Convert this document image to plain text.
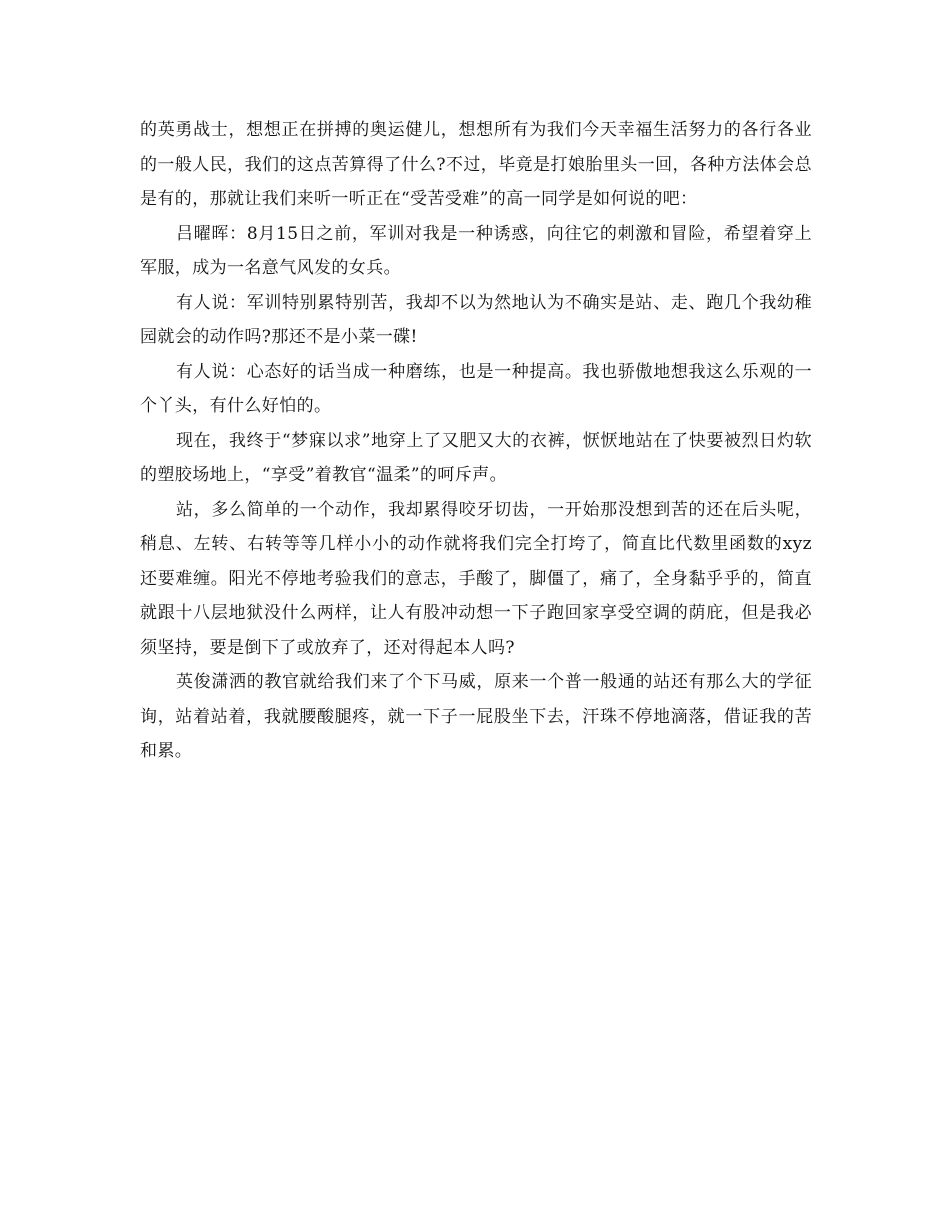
的英勇战士，想想正在拼搏的奥运健儿，想想所有为我们今天幸福生活努力的各行各业的一般人民，我们的这点苦算得了什么?不过，毕竟是打娘胎里头一回，各种方法体会总是有的，那就让我们来听一听正在“受苦受难”的高一同学是如何说的吧：

吕曜晖：8月15日之前，军训对我是一种诱惑，向往它的刺激和冒险，希望着穿上军服，成为一名意气风发的女兵。

有人说：军训特别累特别苦，我却不以为然地认为不确实是站、走、跑几个我幼稚园就会的动作吗?那还不是小菜一碟!

有人说：心态好的话当成一种磨练，也是一种提高。我也骄傲地想我这么乐观的一个丫头，有什么好怕的。

现在，我终于“梦寐以求”地穿上了又肥又大的衣裤，恹恹地站在了快要被烈日灼软的塑胶场地上，“享受”着教官“温柔”的呵斥声。

站，多么简单的一个动作，我却累得咬牙切齿，一开始那没想到苦的还在后头呢，稍息、左转、右转等等几样小小的动作就将我们完全打垮了，简直比代数里函数的xyz还要难缠。阳光不停地考验我们的意志，手酸了，脚僵了，痛了，全身黏乎乎的，简直就跟十八层地狱没什么两样，让人有股冲动想一下子跑回家享受空调的荫庇，但是我必须坚持，要是倒下了或放弃了，还对得起本人吗?

英俊潇洒的教官就给我们来了个下马威，原来一个普一般通的站还有那么大的学征询，站着站着，我就腰酸腿疼，就一下子一屁股坐下去，汗珠不停地滴落，借证我的苦和累。
